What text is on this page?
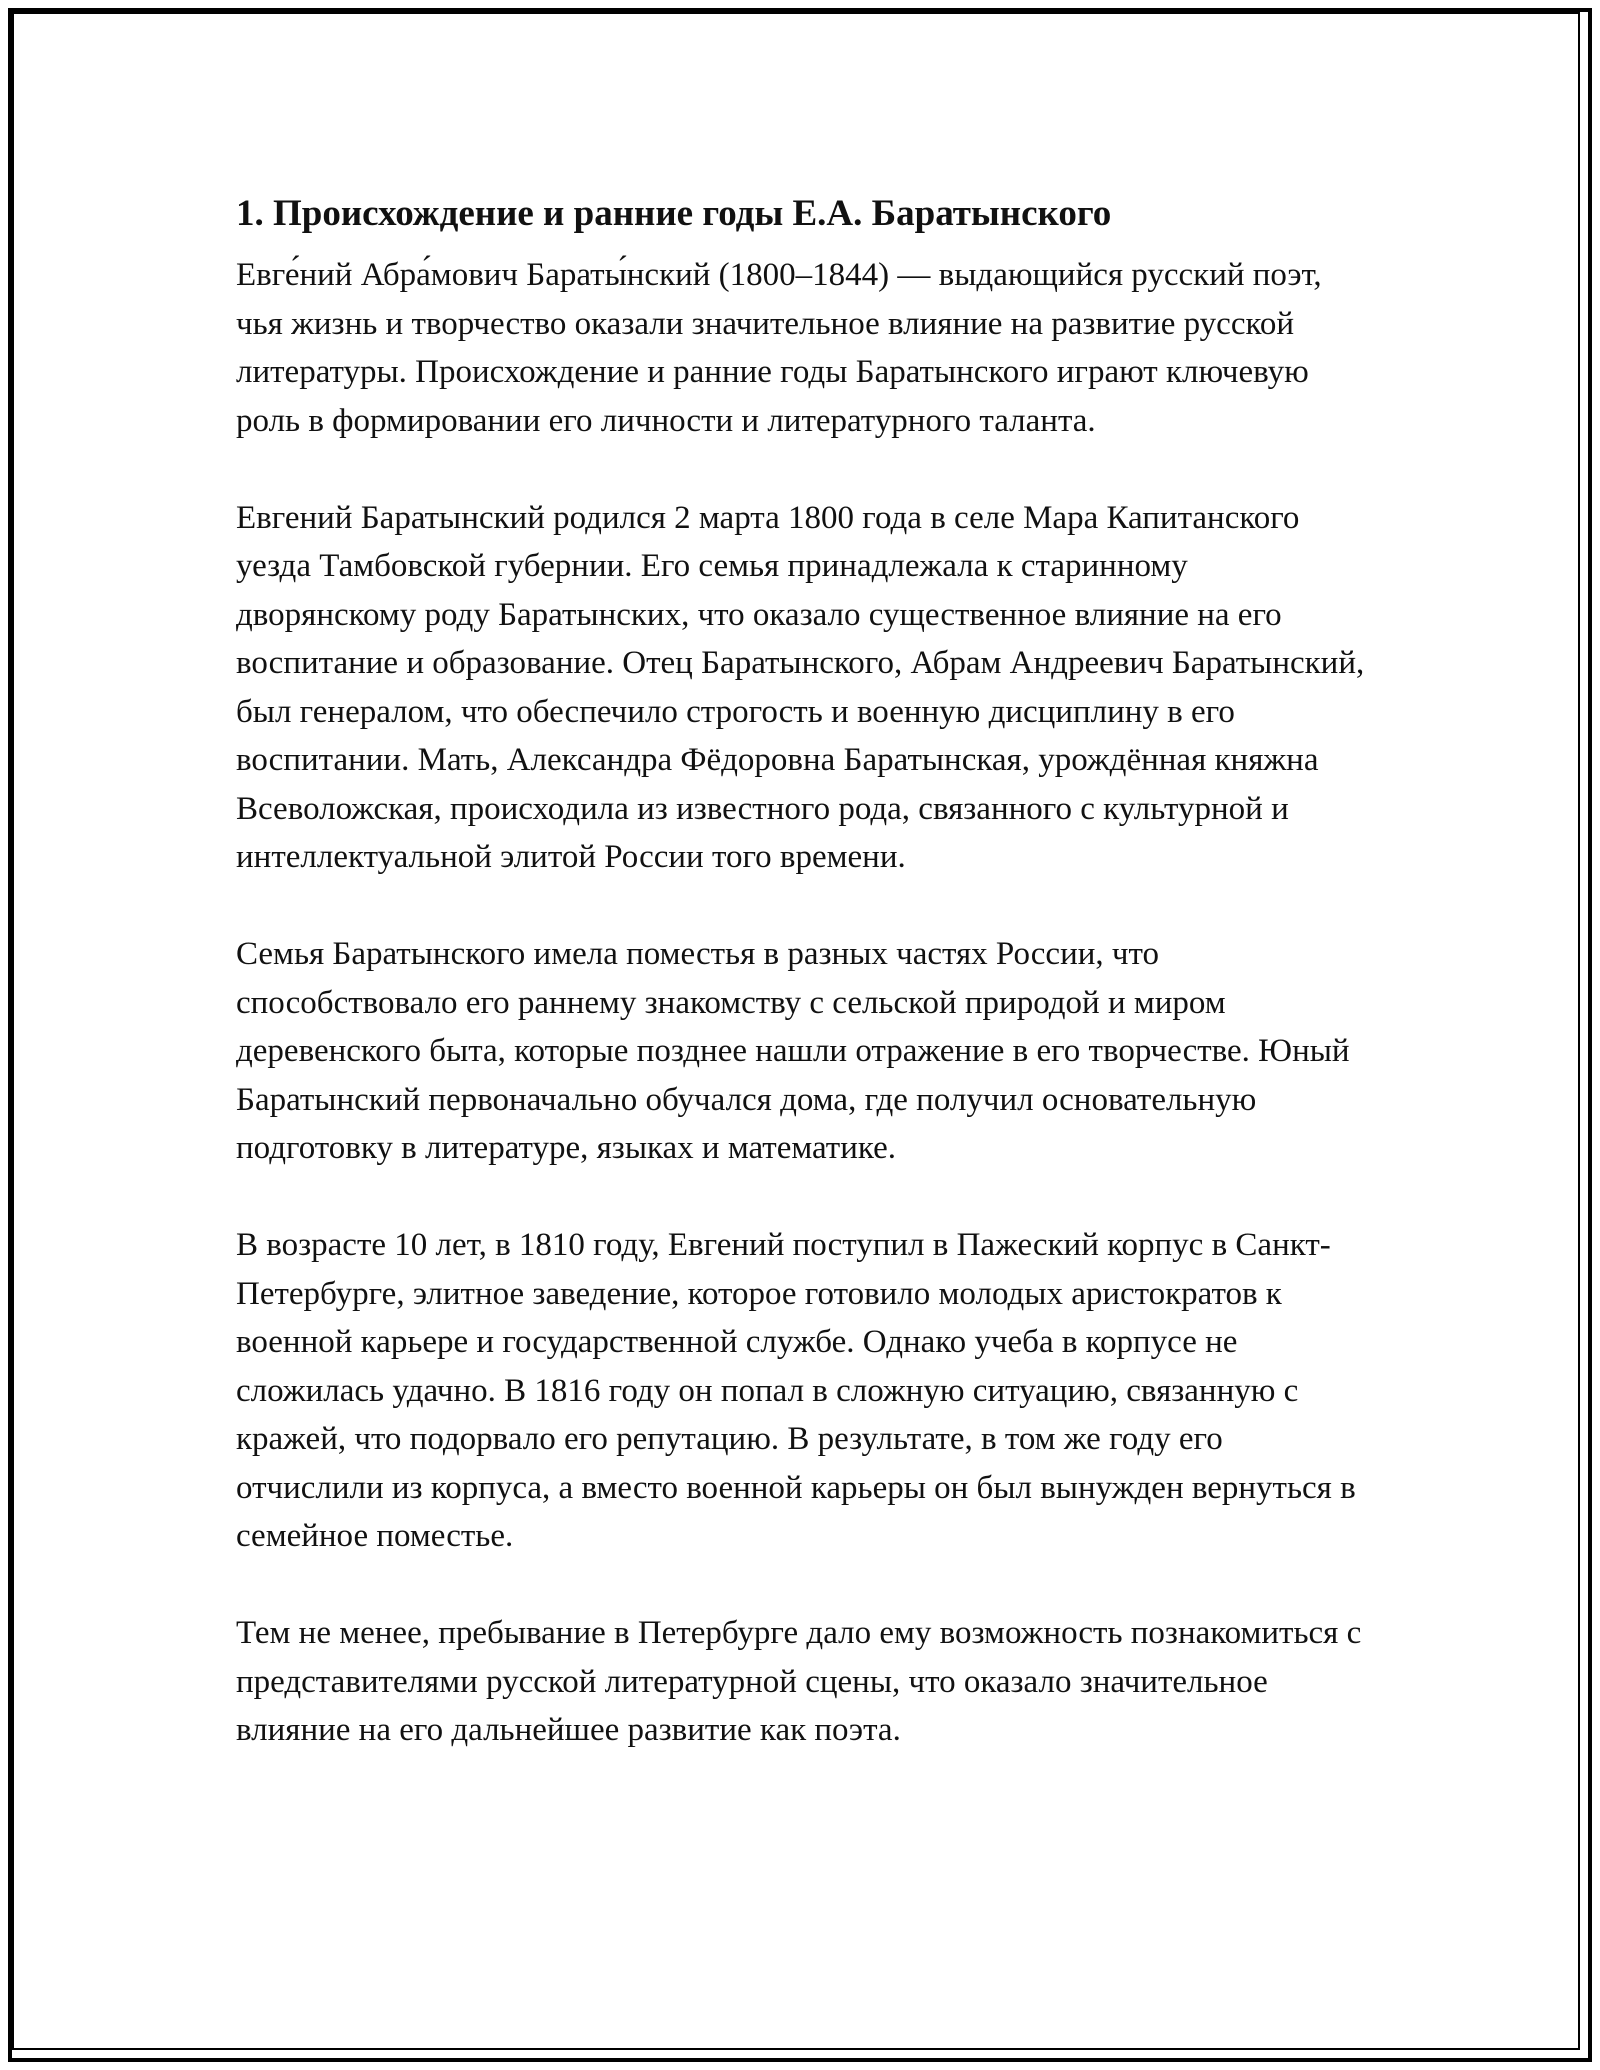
1. Происхождение и ранние годы Е.А. Баратынского

Евге́ний Абра́мович Бараты́нский (1800–1844) — выдающийся русский поэт, чья жизнь и творчество оказали значительное влияние на развитие русской литературы. Происхождение и ранние годы Баратынского играют ключевую роль в формировании его личности и литературного таланта.

Евгений Баратынский родился 2 марта 1800 года в селе Мара Капитанского уезда Тамбовской губернии. Его семья принадлежала к старинному дворянскому роду Баратынских, что оказало существенное влияние на его воспитание и образование. Отец Баратынского, Абрам Андреевич Баратынский, был генералом, что обеспечило строгость и военную дисциплину в его воспитании. Мать, Александра Фёдоровна Баратынская, урождённая княжна Всеволожская, происходила из известного рода, связанного с культурной и интеллектуальной элитой России того времени.

Семья Баратынского имела поместья в разных частях России, что способствовало его раннему знакомству с сельской природой и миром деревенского быта, которые позднее нашли отражение в его творчестве. Юный Баратынский первоначально обучался дома, где получил основательную подготовку в литературе, языках и математике.

В возрасте 10 лет, в 1810 году, Евгений поступил в Пажеский корпус в Санкт-Петербурге, элитное заведение, которое готовило молодых аристократов к военной карьере и государственной службе. Однако учеба в корпусе не сложилась удачно. В 1816 году он попал в сложную ситуацию, связанную с кражей, что подорвало его репутацию. В результате, в том же году его отчислили из корпуса, а вместо военной карьеры он был вынужден вернуться в семейное поместье.

Тем не менее, пребывание в Петербурге дало ему возможность познакомиться с представителями русской литературной сцены, что оказало значительное влияние на его дальнейшее развитие как поэта.
